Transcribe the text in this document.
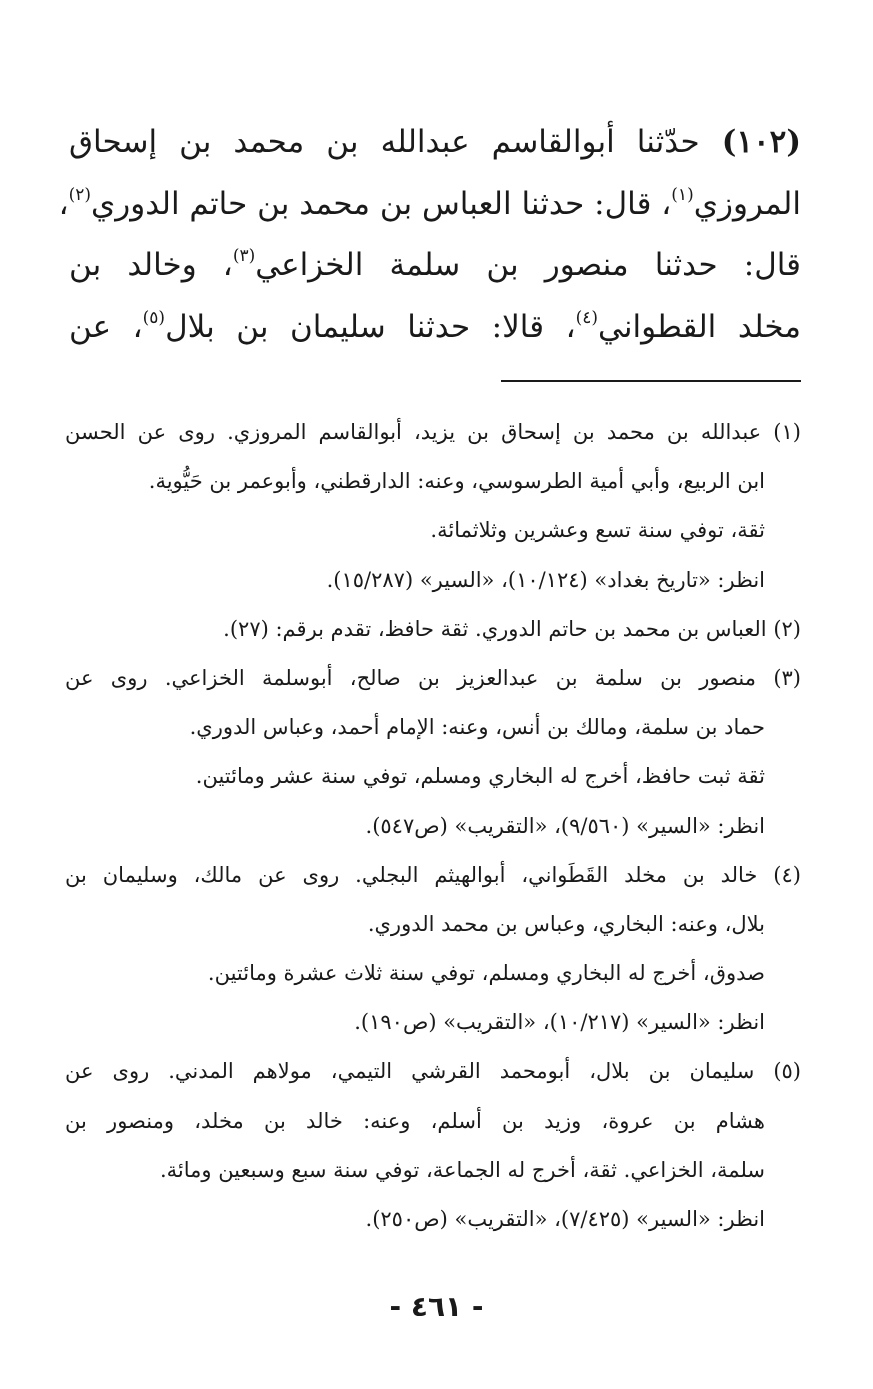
(١٠٢) حدّثنا أبوالقاسم عبدالله بن محمد بن إسحاق
المروزي$^{(١)}$، قال: حدثنا العباس بن محمد بن حاتم الدوري$^{(٢)}$،
قال: حدثنا منصور بن سلمة الخزاعي$^{(٣)}$، وخالد بن
مخلد القطواني$^{(٤)}$، قالا: حدثنا سليمان بن بلال$^{(٥)}$، عن
(١) عبدالله بن محمد بن إسحاق بن يزيد، أبوالقاسم المروزي. روى عن الحسن
ابن الربيع، وأبي أمية الطرسوسي، وعنه: الدارقطني، وأبوعمر بن حَيُّوية.
ثقة، توفي سنة تسع وعشرين وثلاثمائة.
انظر: «تاريخ بغداد» (١٠/١٢٤)، «السير» (١٥/٢٨٧).
(٢) العباس بن محمد بن حاتم الدوري. ثقة حافظ، تقدم برقم: (٢٧).
(٣) منصور بن سلمة بن عبدالعزيز بن صالح، أبوسلمة الخزاعي. روى عن
حماد بن سلمة، ومالك بن أنس، وعنه: الإمام أحمد، وعباس الدوري.
ثقة ثبت حافظ، أخرج له البخاري ومسلم، توفي سنة عشر ومائتين.
انظر: «السير» (٩/٥٦٠)، «التقريب» (ص٥٤٧).
(٤) خالد بن مخلد القَطَواني، أبوالهيثم البجلي. روى عن مالك، وسليمان بن
بلال، وعنه: البخاري، وعباس بن محمد الدوري.
صدوق، أخرج له البخاري ومسلم، توفي سنة ثلاث عشرة ومائتين.
انظر: «السير» (١٠/٢١٧)، «التقريب» (ص١٩٠).
(٥) سليمان بن بلال، أبومحمد القرشي التيمي، مولاهم المدني. روى عن
هشام بن عروة، وزيد بن أسلم، وعنه: خالد بن مخلد، ومنصور بن
سلمة، الخزاعي. ثقة، أخرج له الجماعة، توفي سنة سبع وسبعين ومائة.
انظر: «السير» (٧/٤٢٥)، «التقريب» (ص٢٥٠).
- ٤٦١ -
